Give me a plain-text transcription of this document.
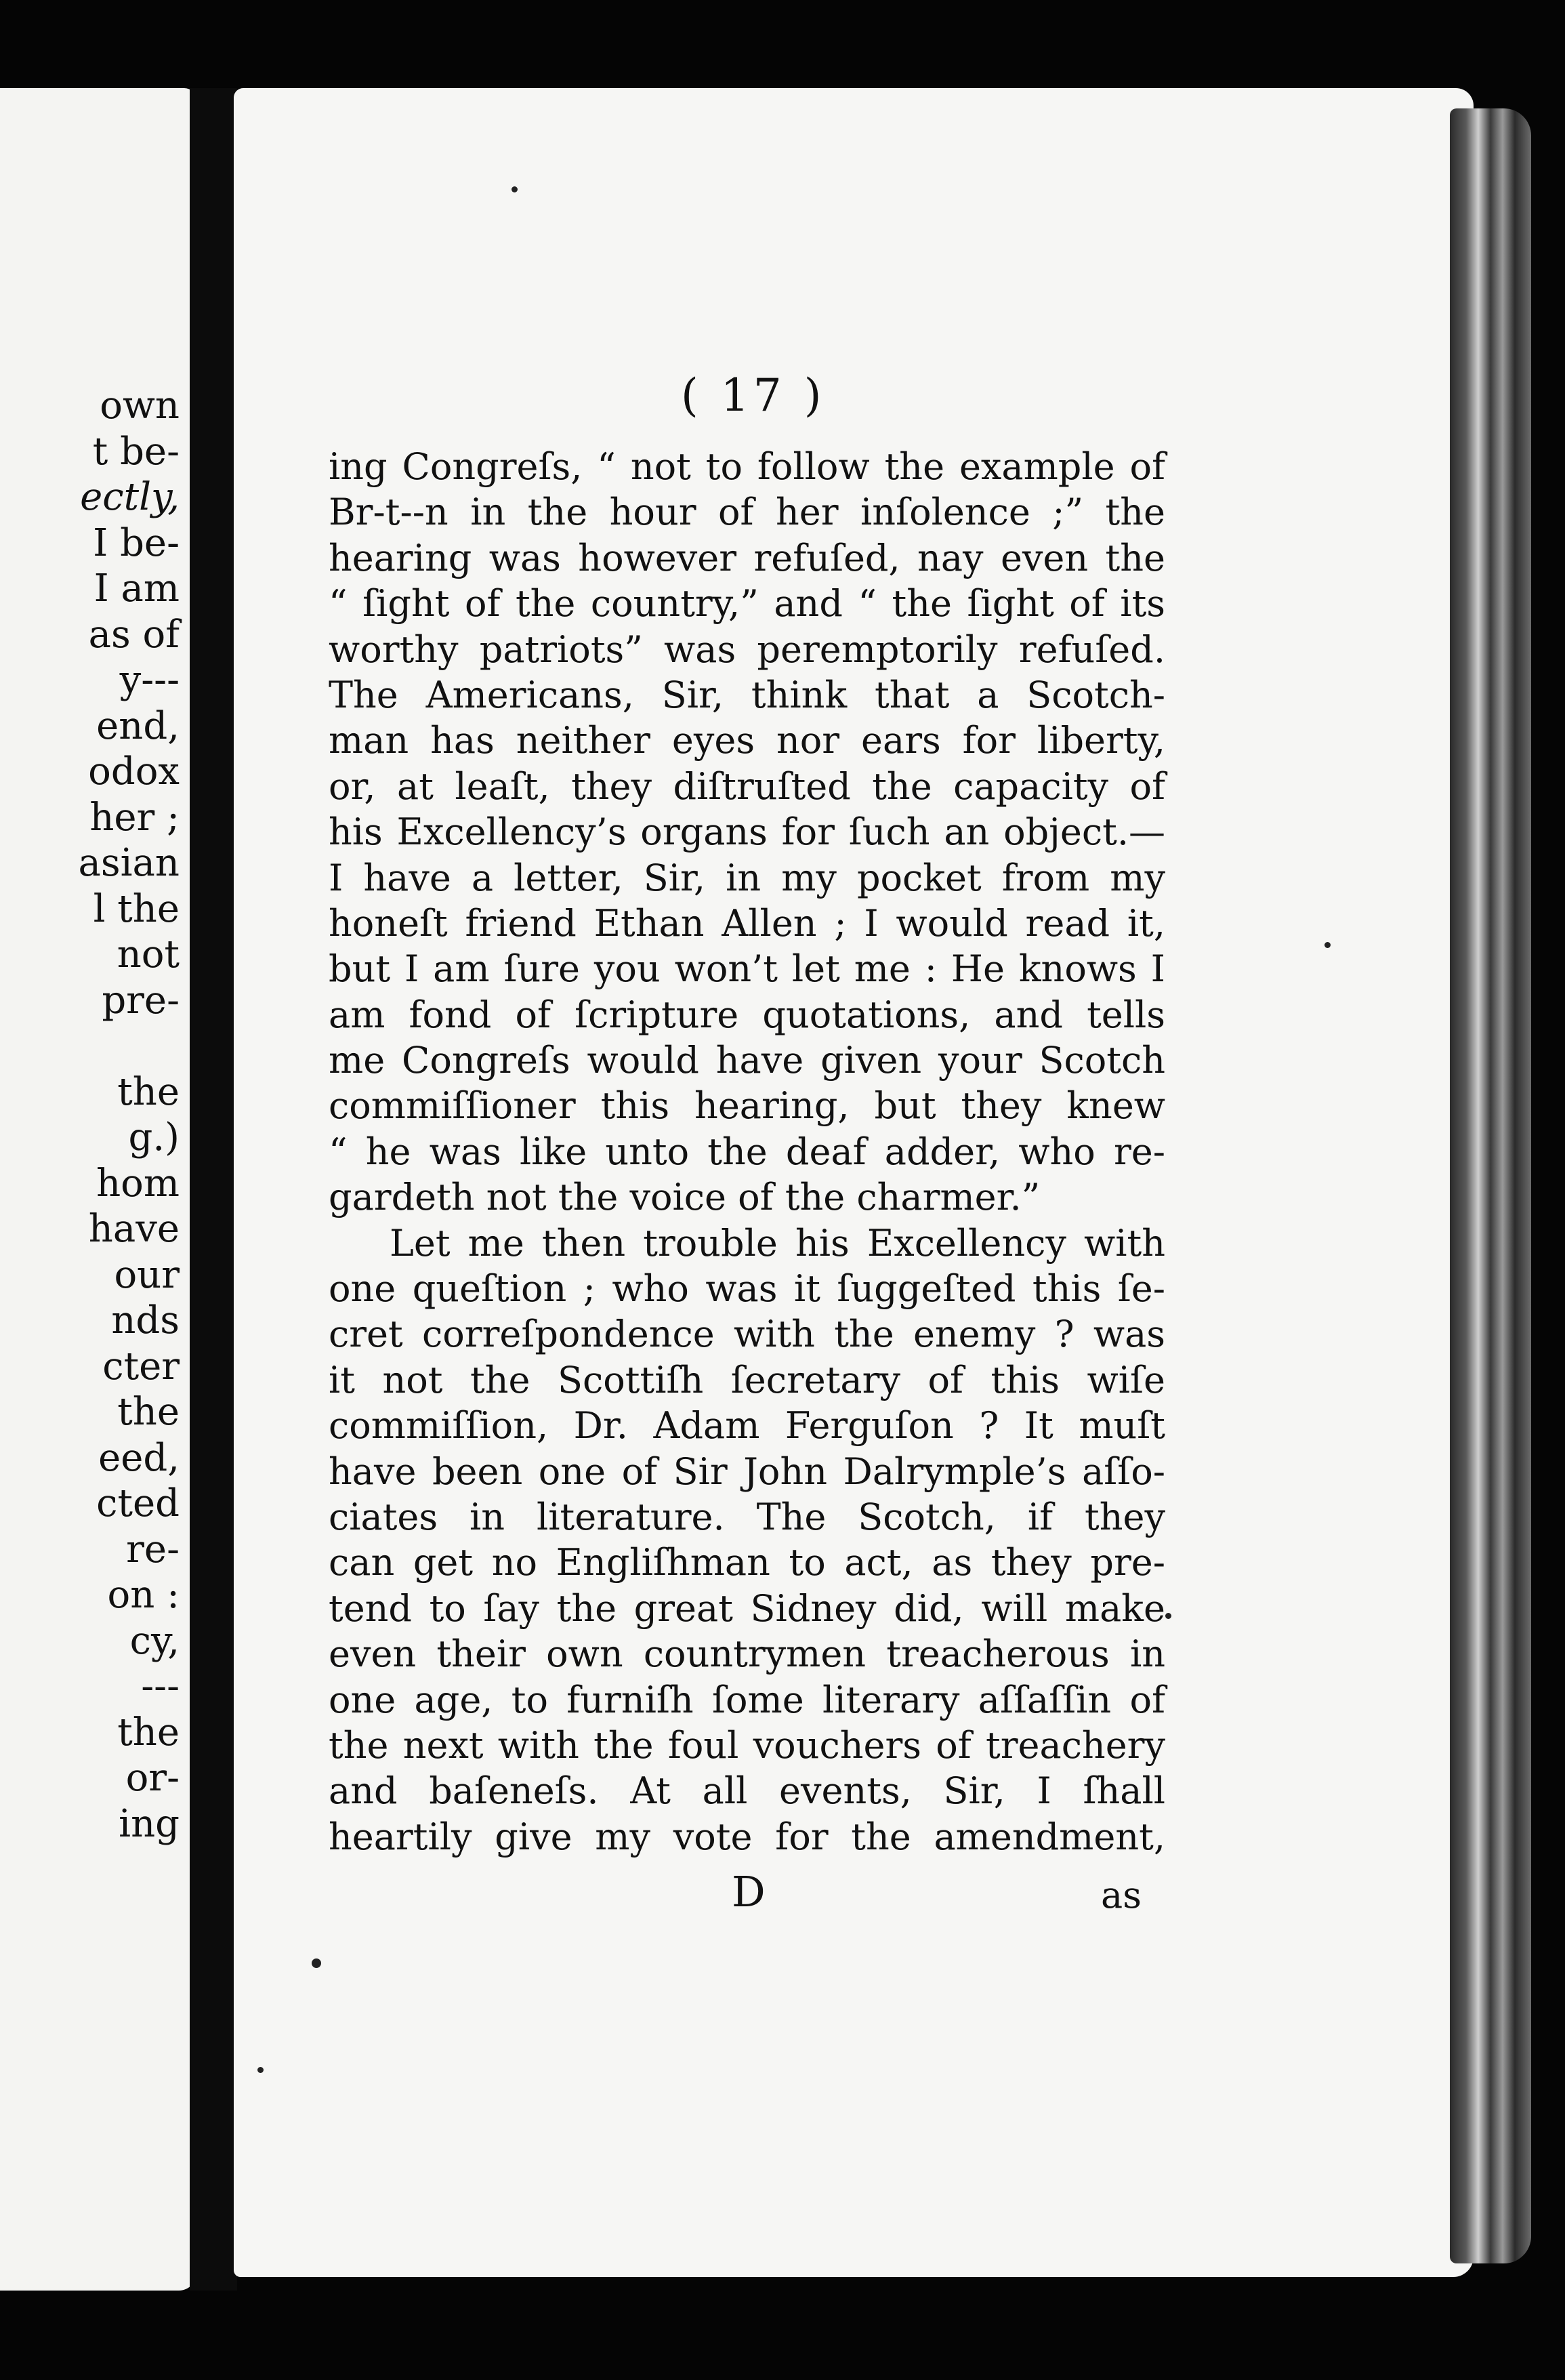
own
t be-
ectly,
I be-
I am
as of
y---
end,
odox
her ;
asian
l the
not
pre-
the
g.)
hom
have
our
nds
cter
the
eed,
cted
re-
on :
cy,
---
the
or-
ing
( 17 )
ing Congreſs, “ not to follow the example of
Br-t--n in the hour of her inſolence ;” the
hearing was however refuſed, nay even the
“ ſight of the country,” and “ the ſight of its
worthy patriots” was peremptorily refuſed.
The Americans, Sir, think that a Scotch-
man has neither eyes nor ears for liberty,
or, at leaſt, they diſtruſted the capacity of
his Excellency’s organs for ſuch an object.—
I have a letter, Sir, in my pocket from my
honeſt friend Ethan Allen ; I would read it,
but I am ſure you won’t let me : He knows I
am fond of ſcripture quotations, and tells
me Congreſs would have given your Scotch
commiſſioner this hearing, but they knew
“ he was like unto the deaf adder, who re-
gardeth not the voice of the charmer.”
Let me then trouble his Excellency with
one queſtion ; who was it ſuggeſted this ſe-
cret correſpondence with the enemy ? was
it not the Scottiſh ſecretary of this wiſe
commiſſion, Dr. Adam Ferguſon ? It muſt
have been one of Sir John Dalrymple’s aſſo-
ciates in literature. The Scotch, if they
can get no Engliſhman to act, as they pre-
tend to ſay the great Sidney did, will make
even their own countrymen treacherous in
one age, to furniſh ſome literary aſſaſſin of
the next with the foul vouchers of treachery
and baſeneſs. At all events, Sir, I ſhall
heartily give my vote for the amendment,
D	as
